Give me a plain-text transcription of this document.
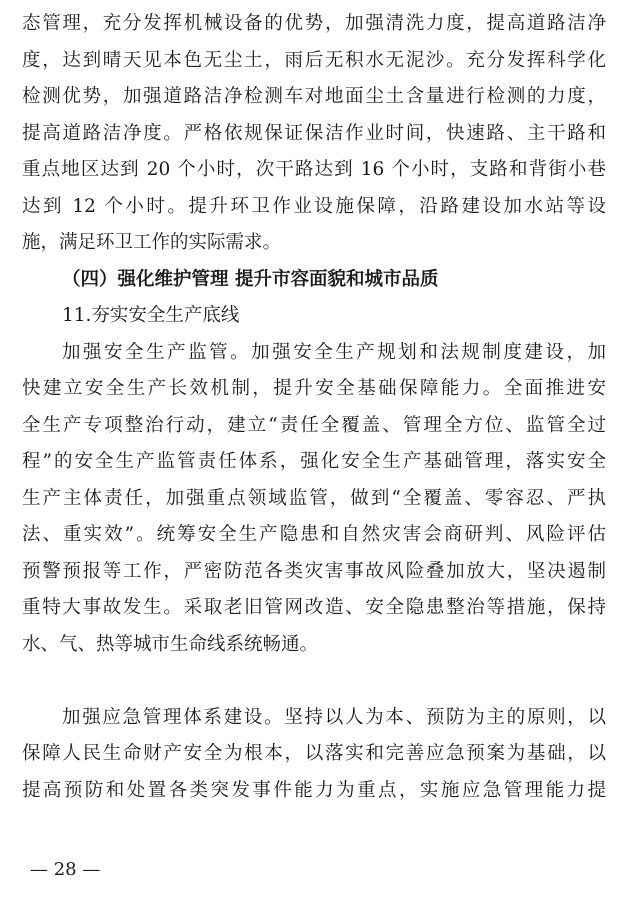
态管理，充分发挥机械设备的优势，加强清洗力度，提高道路洁净
度，达到晴天见本色无尘土，雨后无积水无泥沙。充分发挥科学化
检测优势，加强道路洁净检测车对地面尘土含量进行检测的力度，
提高道路洁净度。严格依规保证保洁作业时间，快速路、主干路和
重点地区达到 20 个小时，次干路达到 16 个小时，支路和背街小巷
达到 12 个小时。提升环卫作业设施保障，沿路建设加水站等设
施，满足环卫工作的实际需求。
（四）强化维护管理 提升市容面貌和城市品质
11.夯实安全生产底线
加强安全生产监管。加强安全生产规划和法规制度建设，加
快建立安全生产长效机制，提升安全基础保障能力。全面推进安
全生产专项整治行动，建立“责任全覆盖、管理全方位、监管全过
程”的安全生产监管责任体系，强化安全生产基础管理，落实安全
生产主体责任，加强重点领域监管，做到“全覆盖、零容忍、严执
法、重实效”。统筹安全生产隐患和自然灾害会商研判、风险评估
预警预报等工作，严密防范各类灾害事故风险叠加放大，坚决遏制
重特大事故发生。采取老旧管网改造、安全隐患整治等措施，保持
水、气、热等城市生命线系统畅通。
加强应急管理体系建设。坚持以人为本、预防为主的原则，以
保障人民生命财产安全为根本，以落实和完善应急预案为基础，以
提高预防和处置各类突发事件能力为重点，实施应急管理能力提
— 28 —
